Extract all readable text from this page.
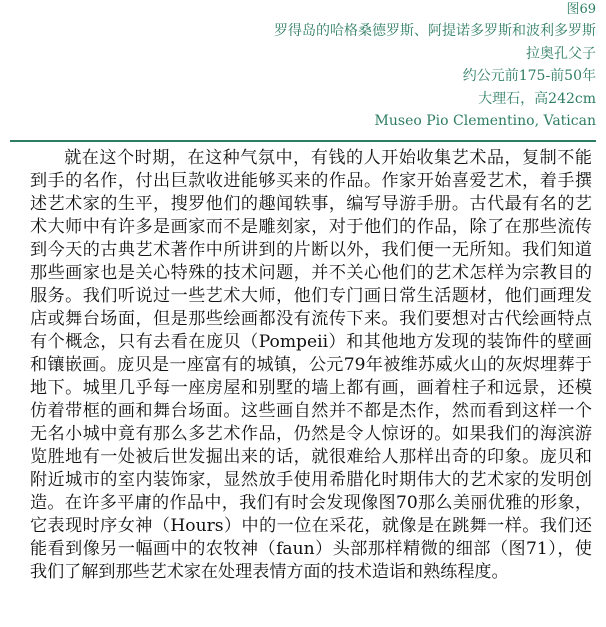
图69
罗得岛的哈格桑德罗斯、阿提诺多罗斯和波利多罗斯
拉奥孔父子
约公元前175-前50年
大理石，高242cm
Museo Pio Clementino, Vatican

就在这个时期，在这种气氛中，有钱的人开始收集艺术品，复制不能到手的名作，付出巨款收进能够买来的作品。作家开始喜爱艺术，着手撰述艺术家的生平，搜罗他们的趣闻轶事，编写导游手册。古代最有名的艺术大师中有许多是画家而不是雕刻家，对于他们的作品，除了在那些流传到今天的古典艺术著作中所讲到的片断以外，我们便一无所知。我们知道那些画家也是关心特殊的技术问题，并不关心他们的艺术怎样为宗教目的服务。我们听说过一些艺术大师，他们专门画日常生活题材，他们画理发店或舞台场面，但是那些绘画都没有流传下来。我们要想对古代绘画特点有个概念，只有去看在庞贝（Pompeii）和其他地方发现的装饰件的壁画和镶嵌画。庞贝是一座富有的城镇，公元79年被维苏威火山的灰烬埋葬于地下。城里几乎每一座房屋和别墅的墙上都有画，画着柱子和远景，还模仿着带框的画和舞台场面。这些画自然并不都是杰作，然而看到这样一个无名小城中竟有那么多艺术作品，仍然是令人惊讶的。如果我们的海滨游览胜地有一处被后世发掘出来的话，就很难给人那样出奇的印象。庞贝和附近城市的室内装饰家，显然放手使用希腊化时期伟大的艺术家的发明创造。在许多平庸的作品中，我们有时会发现像图70那么美丽优雅的形象，它表现时序女神（Hours）中的一位在采花，就像是在跳舞一样。我们还能看到像另一幅画中的农牧神（faun）头部那样精微的细部（图71），使我们了解到那些艺术家在处理表情方面的技术造诣和熟练程度。
